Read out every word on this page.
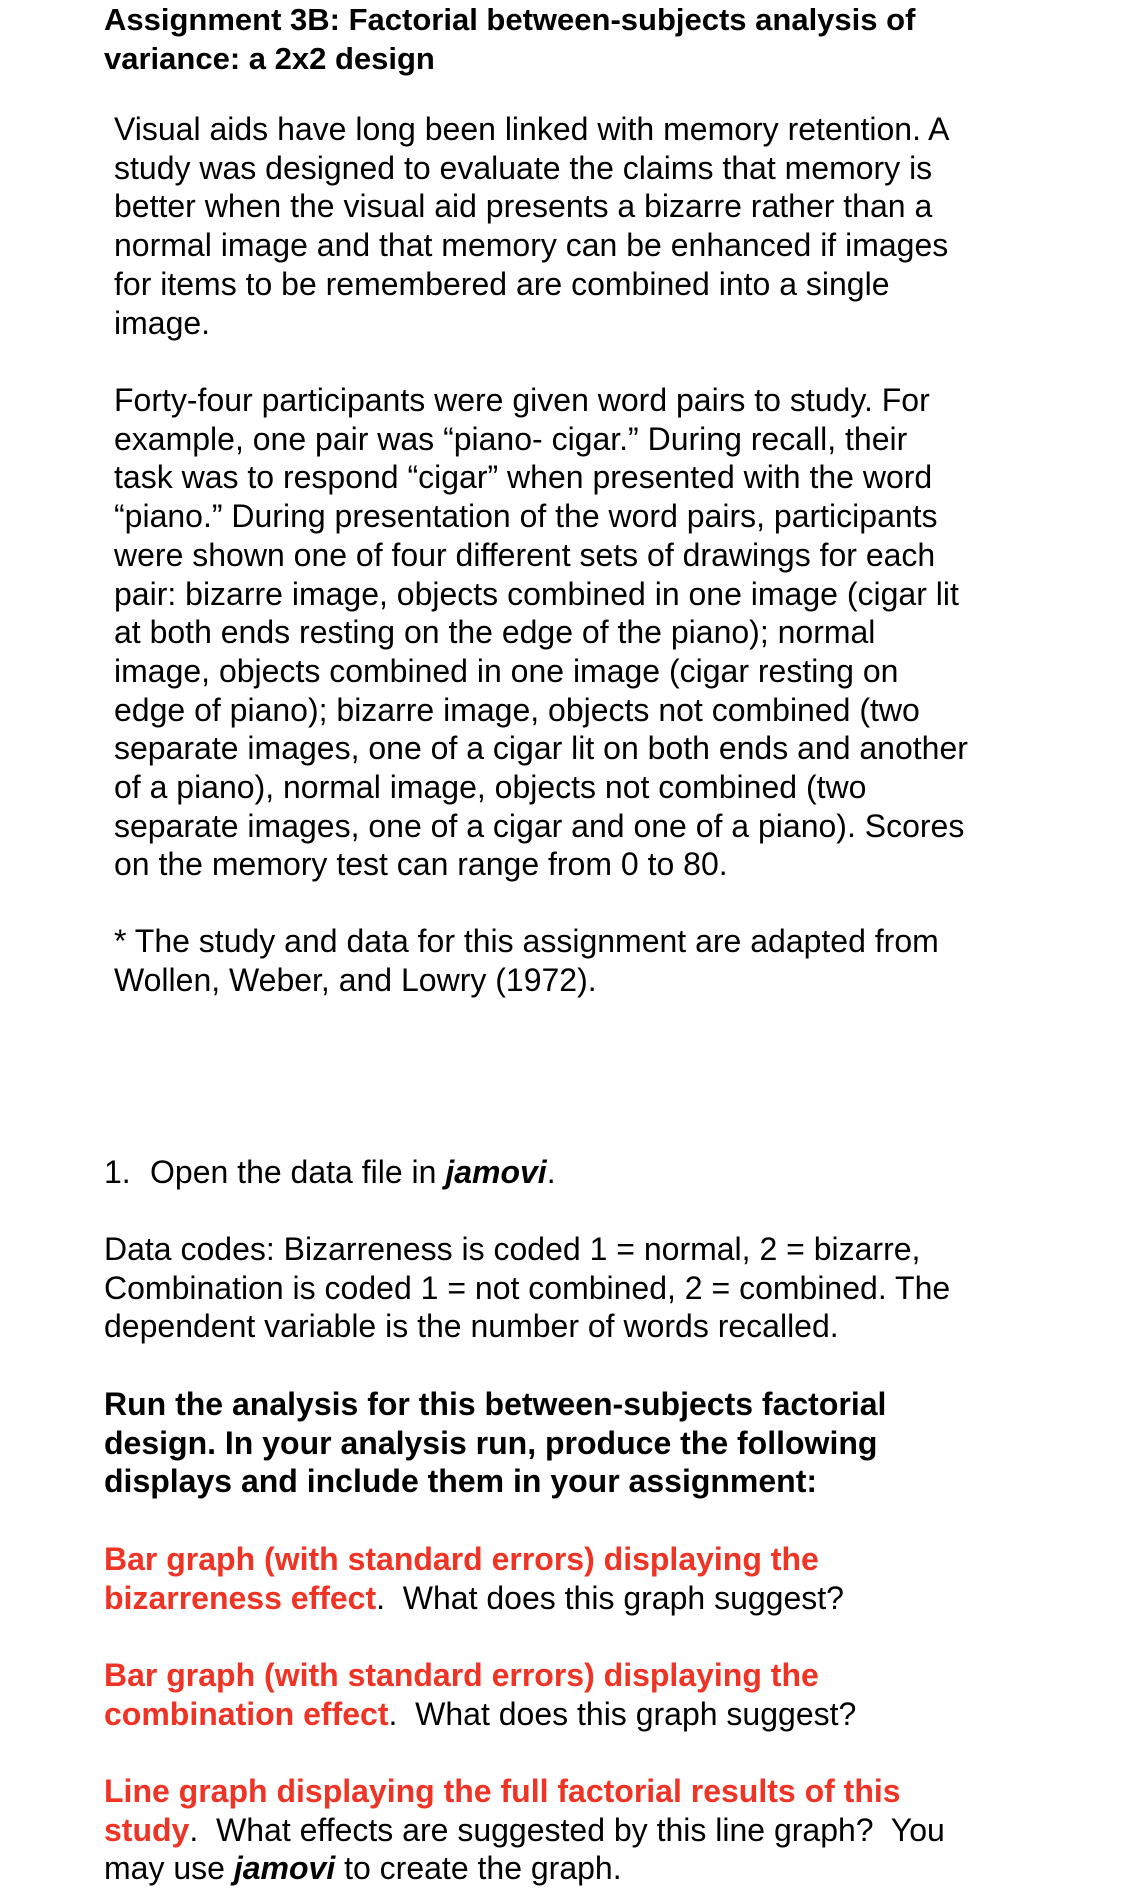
Assignment 3B: Factorial between-subjects analysis of
variance: a 2x2 design

Visual aids have long been linked with memory retention. A
study was designed to evaluate the claims that memory is
better when the visual aid presents a bizarre rather than a
normal image and that memory can be enhanced if images
for items to be remembered are combined into a single
image.

Forty-four participants were given word pairs to study. For
example, one pair was “piano- cigar.” During recall, their
task was to respond “cigar” when presented with the word
“piano.” During presentation of the word pairs, participants
were shown one of four different sets of drawings for each
pair: bizarre image, objects combined in one image (cigar lit
at both ends resting on the edge of the piano); normal
image, objects combined in one image (cigar resting on
edge of piano); bizarre image, objects not combined (two
separate images, one of a cigar lit on both ends and another
of a piano), normal image, objects not combined (two
separate images, one of a cigar and one of a piano). Scores
on the memory test can range from 0 to 80.

* The study and data for this assignment are adapted from
Wollen, Weber, and Lowry (1972).

1. Open the data file in jamovi.

Data codes: Bizarreness is coded 1 = normal, 2 = bizarre,
Combination is coded 1 = not combined, 2 = combined. The
dependent variable is the number of words recalled.

Run the analysis for this between-subjects factorial
design. In your analysis run, produce the following
displays and include them in your assignment:

Bar graph (with standard errors) displaying the
bizarreness effect.  What does this graph suggest?

Bar graph (with standard errors) displaying the
combination effect.  What does this graph suggest?

Line graph displaying the full factorial results of this
study.  What effects are suggested by this line graph?  You
may use jamovi to create the graph.
